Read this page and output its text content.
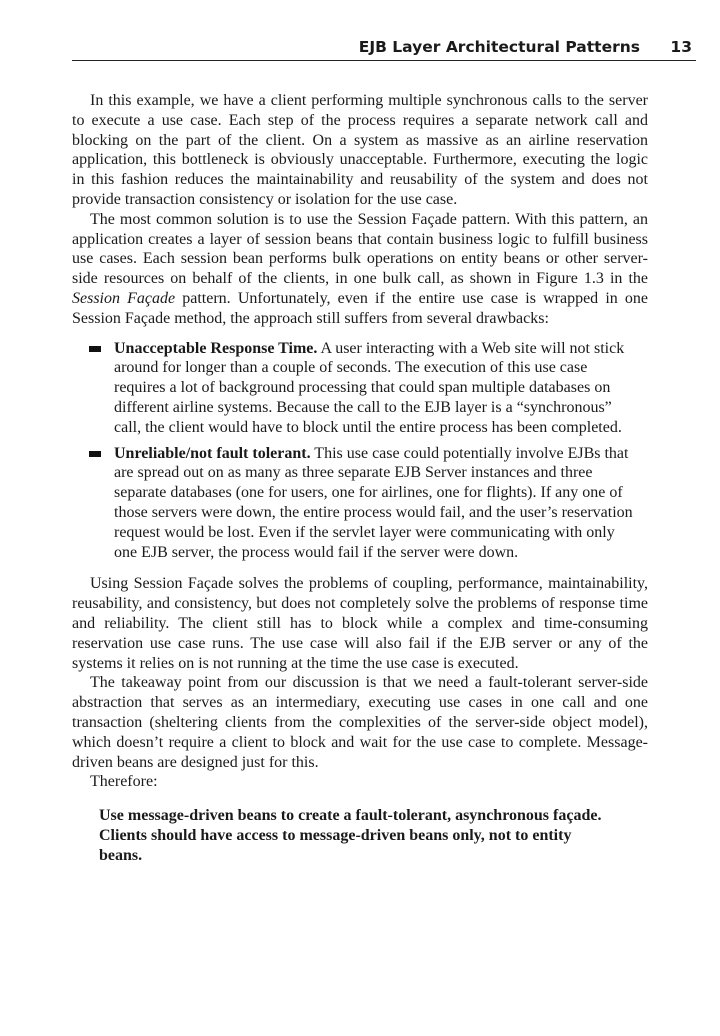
EJB Layer Architectural Patterns 13

In this example, we have a client performing multiple synchronous calls to the server to execute a use case. Each step of the process requires a separate network call and blocking on the part of the client. On a system as massive as an airline reservation application, this bottleneck is obviously unacceptable. Furthermore, executing the logic in this fashion reduces the maintainability and reusability of the system and does not provide transaction consistency or isolation for the use case.

The most common solution is to use the Session Façade pattern. With this pattern, an application creates a layer of session beans that contain business logic to fulfill business use cases. Each session bean performs bulk operations on entity beans or other server-side resources on behalf of the clients, in one bulk call, as shown in Figure 1.3 in the Session Façade pattern. Unfortunately, even if the entire use case is wrapped in one Session Façade method, the approach still suffers from several drawbacks:

Unacceptable Response Time. A user interacting with a Web site will not stick around for longer than a couple of seconds. The execution of this use case requires a lot of background processing that could span multiple databases on different airline systems. Because the call to the EJB layer is a “synchronous” call, the client would have to block until the entire process has been completed.
Unreliable/not fault tolerant. This use case could potentially involve EJBs that are spread out on as many as three separate EJB Server instances and three separate databases (one for users, one for airlines, one for flights). If any one of those servers were down, the entire process would fail, and the user’s reservation request would be lost. Even if the servlet layer were communicating with only one EJB server, the process would fail if the server were down.

Using Session Façade solves the problems of coupling, performance, maintainability, reusability, and consistency, but does not completely solve the problems of response time and reliability. The client still has to block while a complex and time-consuming reservation use case runs. The use case will also fail if the EJB server or any of the systems it relies on is not running at the time the use case is executed.

The takeaway point from our discussion is that we need a fault-tolerant server-side abstraction that serves as an intermediary, executing use cases in one call and one transaction (sheltering clients from the complexities of the server-side object model), which doesn’t require a client to block and wait for the use case to complete. Message-driven beans are designed just for this.

Therefore:

Use message-driven beans to create a fault-tolerant, asynchronous façade. Clients should have access to message-driven beans only, not to entity beans.
